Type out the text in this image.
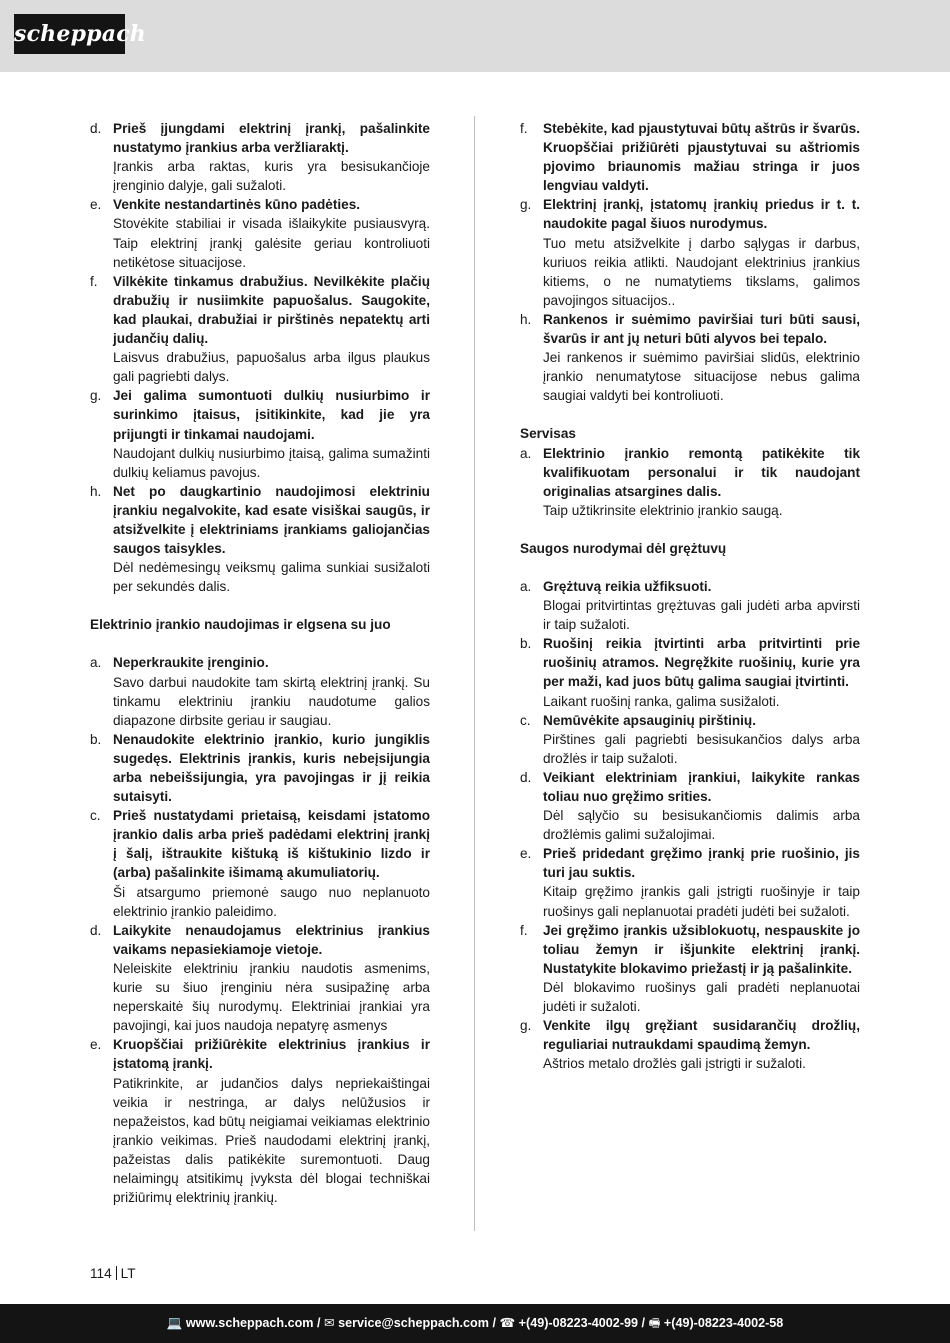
scheppach
d. Prieš įjungdami elektrinį įrankį, pašalinkite nustatymo įrankius arba veržliaraktį.
Įrankis arba raktas, kuris yra besisukančioje įrenginio dalyje, gali sužaloti.
e. Venkite nestandartinės kūno padėties.
Stovėkite stabiliai ir visada išlaikykite pusiausvyrą. Taip elektrinį įrankį galėsite geriau kontroliuoti netikėtose situacijose.
f. Vilkėkite tinkamus drabužius. Nevilkėkite plačių drabužių ir nusiimkite papuošalus. Saugokite, kad plaukai, drabužiai ir pirštinės nepatektų arti judančių dalių.
Laisvus drabužius, papuošalus arba ilgus plaukus gali pagriebti dalys.
g. Jei galima sumontuoti dulkių nusiurbimo ir surinkimo įtaisus, įsitikinkite, kad jie yra prijungti ir tinkamai naudojami.
Naudojant dulkių nusiurbimo įtaisą, galima sumažinti dulkių keliamus pavojus.
h. Net po daugkartinio naudojimosi elektriniu įrankiu negalvokite, kad esate visiškai saugūs, ir atsižvelkite į elektriniams įrankiams galiojančias saugos taisykles.
Dėl nedėmesingų veiksmų galima sunkiai susižaloti per sekundės dalis.
Elektrinio įrankio naudojimas ir elgsena su juo
a. Neperkraukite įrenginio.
Savo darbui naudokite tam skirtą elektrinį įrankį. Su tinkamu elektriniu įrankiu naudotume galios diapazone dirbsite geriau ir saugiau.
b. Nenaudokite elektrinio įrankio, kurio jungiklis sugedęs. Elektrinis įrankis, kuris nebeįsijungia arba nebeišsijungia, yra pavojingas ir jį reikia sutaisyti.
c. Prieš nustatydami prietaisą, keisdami įstatomo įrankio dalis arba prieš padėdami elektrinį įrankį į šalį, ištraukite kištuką iš kištukinio lizdo ir (arba) pašalinkite išimamą akumuliatorių.
Ši atsargumo priemonė saugo nuo neplanuoto elektrinio įrankio paleidimo.
d. Laikykite nenaudojamus elektrinius įrankius vaikams nepasiekiamoje vietoje.
Neleiskite elektriniu įrankiu naudotis asmenims, kurie su šiuo įrenginiu nėra susipažinę arba neperskaitė šių nurodymų. Elektriniai įrankiai yra pavojingi, kai juos naudoja nepatyrę asmenys
e. Kruopščiai prižiūrėkite elektrinius įrankius ir įstatomą įrankį.
Patikrinkite, ar judančios dalys nepriekaištingai veikia ir nestringa, ar dalys nelūžusios ir nepažeistos, kad būtų neigiamai veikiamas elektrinio įrankio veikimas. Prieš naudodami elektrinį įrankį, pažeistas dalis patikėkite suremontuoti. Daug nelaimingų atsitikimų įvyksta dėl blogai techniškai prižiūrimų elektrinių įrankių.
f. Stebėkite, kad pjaustytuvai būtų aštrūs ir švarūs. Kruopščiai prižiūrėti pjaustytuvai su aštriomis pjovimo briaunomis mažiau stringa ir juos lengviau valdyti.
g. Elektrinį įrankį, įstatomų įrankių priedus ir t. t. naudokite pagal šiuos nurodymus.
Tuo metu atsižvelkite į darbo sąlygas ir darbus, kuriuos reikia atlikti. Naudojant elektrinius įrankius kitiems, o ne numatytiems tikslams, galimos pavojingos situacijos..
h. Rankenos ir suėmimo paviršiai turi būti sausi, švarūs ir ant jų neturi būti alyvos bei tepalo.
Jei rankenos ir suėmimo paviršiai slidūs, elektrinio įrankio nenumatytose situacijose nebus galima saugiai valdyti bei kontroliuoti.
Servisas
a. Elektrinio įrankio remontą patikėkite tik kvalifikuotam personalui ir tik naudojant originalias atsargines dalis.
Taip užtikrinsite elektrinio įrankio saugą.
Saugos nurodymai dėl grężtuvų
a. Grężtuvą reikia užfiksuoti.
Blogai pritvirtintas grężtuvas gali judėti arba apvirsti ir taip sužaloti.
b. Ruošinį reikia įtvirtinti arba pritvirtinti prie ruošinių atramos. Negręžkite ruošinių, kurie yra per maži, kad juos būtų galima saugiai įtvirtinti.
Laikant ruošinį ranka, galima susižaloti.
c. Nemūvėkite apsauginių pirštinių.
Pirštines gali pagriebti besisukančios dalys arba drožlės ir taip sužaloti.
d. Veikiant elektriniam įrankiui, laikykite rankas toliau nuo gręžimo srities.
Dėl sąlyčio su besisukančiomis dalimis arba drožlėmis galimi sužalojimai.
e. Prieš pridedant gręžimo įrankį prie ruošinio, jis turi jau suktis.
Kitaip gręžimo įrankis gali įstrigti ruošinyje ir taip ruošinys gali neplanuotai pradėti judėti bei sužaloti.
f. Jei gręžimo įrankis užsiblokuotų, nespauskite jo toliau žemyn ir išjunkite elektrinį įrankį. Nustatykite blokavimo priežastį ir ją pašalinkite.
Dėl blokavimo ruošinys gali pradėti neplanuotai judėti ir sužaloti.
g. Venkite ilgų gręžiant susidarančių drožlių, reguliariai nutraukdami spaudimą žemyn.
Aštrios metalo drožlės gali įstrigti ir sužaloti.
114 LT
💻 www.scheppach.com / ✉ service@scheppach.com / ☎ +(49)-08223-4002-99 / 🖷 +(49)-08223-4002-58
